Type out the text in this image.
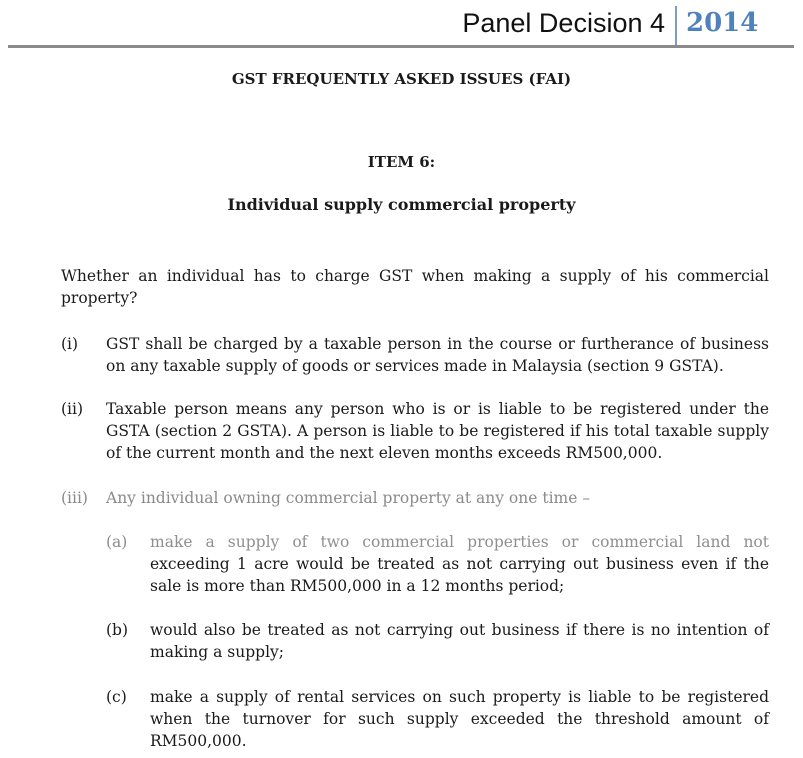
Panel Decision 4 2014
GST FREQUENTLY ASKED ISSUES (FAI)
ITEM 6:
Individual supply commercial property
Whether an individual has to charge GST when making a supply of his commercial property?
(i) GST shall be charged by a taxable person in the course or furtherance of business on any taxable supply of goods or services made in Malaysia (section 9 GSTA).
(ii) Taxable person means any person who is or is liable to be registered under the GSTA (section 2 GSTA). A person is liable to be registered if his total taxable supply of the current month and the next eleven months exceeds RM500,000.
(iii) Any individual owning commercial property at any one time –
(a) make a supply of two commercial properties or commercial land not exceeding 1 acre would be treated as not carrying out business even if the sale is more than RM500,000 in a 12 months period;
(b) would also be treated as not carrying out business if there is no intention of making a supply;
(c) make a supply of rental services on such property is liable to be registered when the turnover for such supply exceeded the threshold amount of RM500,000.
